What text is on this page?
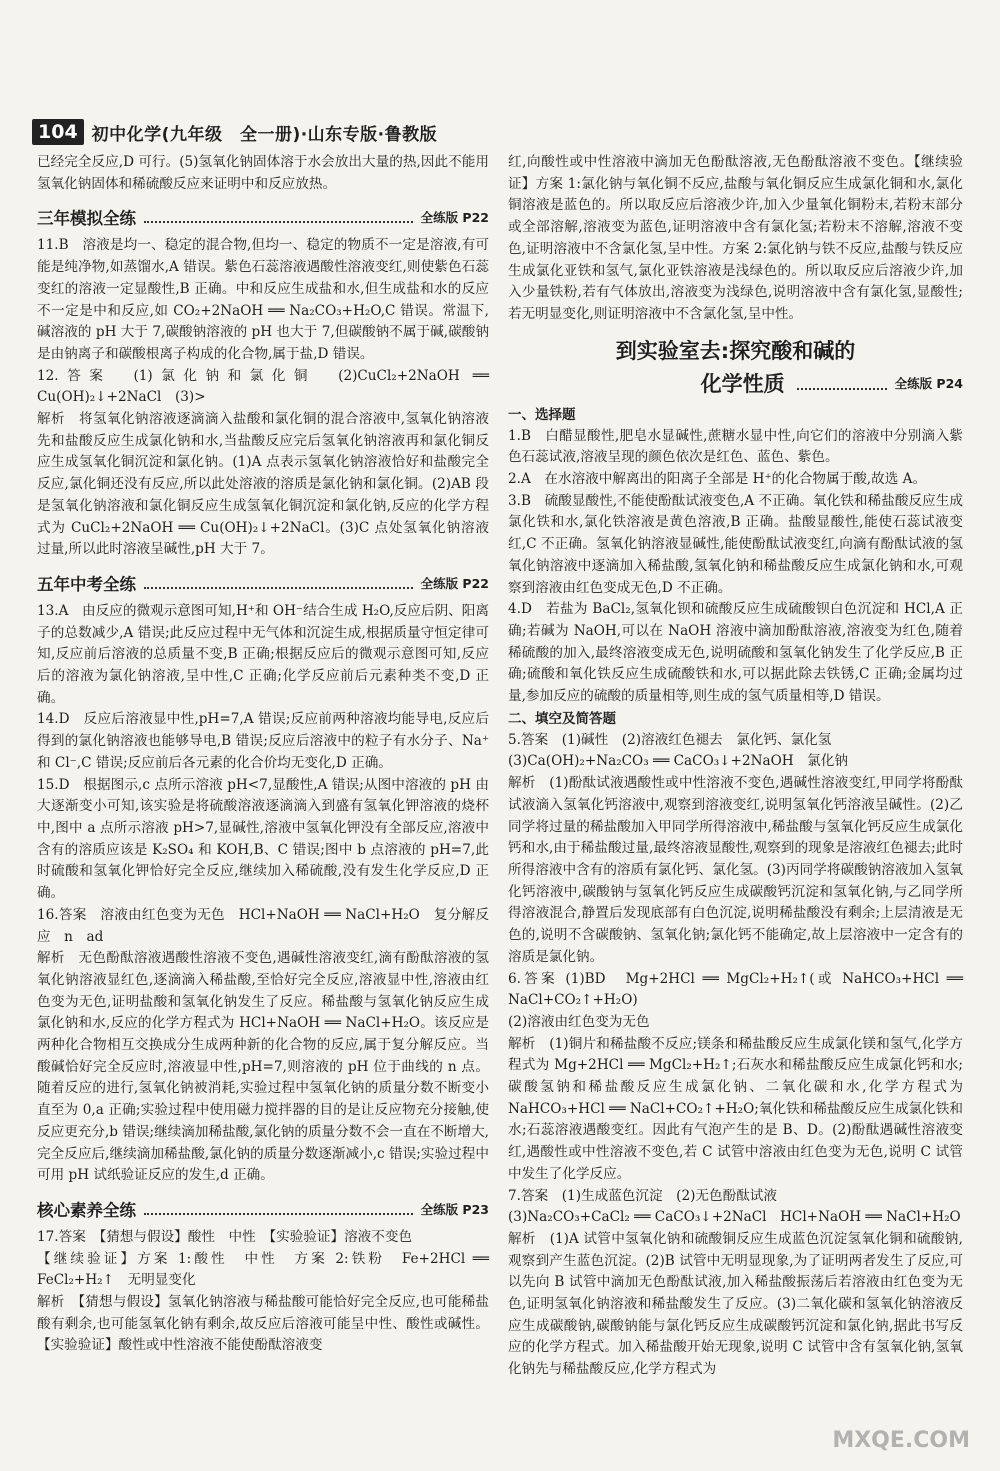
104 初中化学(九年级　全一册)·山东专版·鲁教版

已经完全反应,D 可行。(5)氢氧化钠固体溶于水会放出大量的热,因此不能用氢氧化钠固体和稀硫酸反应来证明中和反应放热。

三年模拟全练	全练版 P22

11.B　溶液是均一、稳定的混合物,但均一、稳定的物质不一定是溶液,有可能是纯净物,如蒸馏水,A 错误。紫色石蕊溶液遇酸性溶液变红,则使紫色石蕊变红的溶液一定显酸性,B 正确。中和反应生成盐和水,但生成盐和水的反应不一定是中和反应,如 CO₂+2NaOH ══ Na₂CO₃+H₂O,C 错误。常温下,碱溶液的 pH 大于 7,碳酸钠溶液的 pH 也大于 7,但碳酸钠不属于碱,碳酸钠是由钠离子和碳酸根离子构成的化合物,属于盐,D 错误。

12.答案　(1)氯化钠和氯化铜　(2)CuCl₂+2NaOH ══ Cu(OH)₂↓+2NaCl　(3)>

解析　将氢氧化钠溶液逐滴滴入盐酸和氯化铜的混合溶液中,氢氧化钠溶液先和盐酸反应生成氯化钠和水,当盐酸反应完后氢氧化钠溶液再和氯化铜反应生成氢氧化铜沉淀和氯化钠。(1)A 点表示氢氧化钠溶液恰好和盐酸完全反应,氯化铜还没有反应,所以此处溶液的溶质是氯化钠和氯化铜。(2)AB 段是氢氧化钠溶液和氯化铜反应生成氢氧化铜沉淀和氯化钠,反应的化学方程式为 CuCl₂+2NaOH ══ Cu(OH)₂↓+2NaCl。(3)C 点处氢氧化钠溶液过量,所以此时溶液呈碱性,pH 大于 7。

五年中考全练	全练版 P22

13.A　由反应的微观示意图可知,H⁺和 OH⁻结合生成 H₂O,反应后阴、阳离子的总数减少,A 错误;此反应过程中无气体和沉淀生成,根据质量守恒定律可知,反应前后溶液的总质量不变,B 正确;根据反应后的微观示意图可知,反应后的溶液为氯化钠溶液,呈中性,C 正确;化学反应前后元素种类不变,D 正确。

14.D　反应后溶液显中性,pH=7,A 错误;反应前两种溶液均能导电,反应后得到的氯化钠溶液也能够导电,B 错误;反应后溶液中的粒子有水分子、Na⁺和 Cl⁻,C 错误;反应前后各元素的化合价均无变化,D 正确。

15.D　根据图示,c 点所示溶液 pH<7,显酸性,A 错误;从图中溶液的 pH 由大逐渐变小可知,该实验是将硫酸溶液逐滴滴入到盛有氢氧化钾溶液的烧杯中,图中 a 点所示溶液 pH>7,显碱性,溶液中氢氧化钾没有全部反应,溶液中含有的溶质应该是 K₂SO₄ 和 KOH,B、C 错误;图中 b 点溶液的 pH=7,此时硫酸和氢氧化钾恰好完全反应,继续加入稀硫酸,没有发生化学反应,D 正确。

16.答案　溶液由红色变为无色　HCl+NaOH ══ NaCl+H₂O　复分解反应　n　ad

解析　无色酚酞溶液遇酸性溶液不变色,遇碱性溶液变红,滴有酚酞溶液的氢氧化钠溶液显红色,逐滴滴入稀盐酸,至恰好完全反应,溶液显中性,溶液由红色变为无色,证明盐酸和氢氧化钠发生了反应。稀盐酸与氢氧化钠反应生成氯化钠和水,反应的化学方程式为 HCl+NaOH ══ NaCl+H₂O。该反应是两种化合物相互交换成分生成两种新的化合物的反应,属于复分解反应。当酸碱恰好完全反应时,溶液显中性,pH=7,则溶液的 pH 位于曲线的 n 点。随着反应的进行,氢氧化钠被消耗,实验过程中氢氧化钠的质量分数不断变小直至为 0,a 正确;实验过程中使用磁力搅拌器的目的是让反应物充分接触,使反应更充分,b 错误;继续滴加稀盐酸,氯化钠的质量分数不会一直在不断增大,完全反应后,继续滴加稀盐酸,氯化钠的质量分数逐渐减小,c 错误;实验过程中可用 pH 试纸验证反应的发生,d 正确。

核心素养全练	全练版 P23

17.答案　【猜想与假设】酸性　中性　【实验验证】溶液不变色

【继续验证】方案 1:酸性　中性　方案 2:铁粉　Fe+2HCl ══ FeCl₂+H₂↑　无明显变化

解析　【猜想与假设】氢氧化钠溶液与稀盐酸可能恰好完全反应,也可能稀盐酸有剩余,也可能氢氧化钠有剩余,故反应后溶液可能呈中性、酸性或碱性。【实验验证】酸性或中性溶液不能使酚酞溶液变

红,向酸性或中性溶液中滴加无色酚酞溶液,无色酚酞溶液不变色。【继续验证】方案 1:氯化钠与氧化铜不反应,盐酸与氧化铜反应生成氯化铜和水,氯化铜溶液是蓝色的。所以取反应后溶液少许,加入少量氧化铜粉末,若粉末部分或全部溶解,溶液变为蓝色,证明溶液中含有氯化氢;若粉末不溶解,溶液不变色,证明溶液中不含氯化氢,呈中性。方案 2:氯化钠与铁不反应,盐酸与铁反应生成氯化亚铁和氢气,氯化亚铁溶液是浅绿色的。所以取反应后溶液少许,加入少量铁粉,若有气体放出,溶液变为浅绿色,说明溶液中含有氯化氢,显酸性;若无明显变化,则证明溶液中不含氯化氢,呈中性。

到实验室去:探究酸和碱的
化学性质	全练版 P24
一、选择题

1.B　白醋显酸性,肥皂水显碱性,蔗糖水显中性,向它们的溶液中分别滴入紫色石蕊试液,溶液呈现的颜色依次是红色、蓝色、紫色。

2.A　在水溶液中解离出的阳离子全部是 H⁺的化合物属于酸,故选 A。

3.B　硫酸显酸性,不能使酚酞试液变色,A 不正确。氧化铁和稀盐酸反应生成氯化铁和水,氯化铁溶液是黄色溶液,B 正确。盐酸显酸性,能使石蕊试液变红,C 不正确。氢氧化钠溶液显碱性,能使酚酞试液变红,向滴有酚酞试液的氢氧化钠溶液中逐滴加入稀盐酸,氢氧化钠和稀盐酸反应生成氯化钠和水,可观察到溶液由红色变成无色,D 不正确。

4.D　若盐为 BaCl₂,氢氧化钡和硫酸反应生成硫酸钡白色沉淀和 HCl,A 正确;若碱为 NaOH,可以在 NaOH 溶液中滴加酚酞溶液,溶液变为红色,随着稀硫酸的加入,最终溶液变成无色,说明硫酸和氢氧化钠发生了化学反应,B 正确;硫酸和氧化铁反应生成硫酸铁和水,可以据此除去铁锈,C 正确;金属均过量,参加反应的硫酸的质量相等,则生成的氢气质量相等,D 错误。

二、填空及简答题

5.答案　(1)碱性　(2)溶液红色褪去　氯化钙、氯化氢

(3)Ca(OH)₂+Na₂CO₃ ══ CaCO₃↓+2NaOH　氯化钠

解析　(1)酚酞试液遇酸性或中性溶液不变色,遇碱性溶液变红,甲同学将酚酞试液滴入氢氧化钙溶液中,观察到溶液变红,说明氢氧化钙溶液呈碱性。(2)乙同学将过量的稀盐酸加入甲同学所得溶液中,稀盐酸与氢氧化钙反应生成氯化钙和水,由于稀盐酸过量,最终溶液显酸性,观察到的现象是溶液红色褪去;此时所得溶液中含有的溶质有氯化钙、氯化氢。(3)丙同学将碳酸钠溶液加入氢氧化钙溶液中,碳酸钠与氢氧化钙反应生成碳酸钙沉淀和氢氧化钠,与乙同学所得溶液混合,静置后发现底部有白色沉淀,说明稀盐酸没有剩余;上层清液是无色的,说明不含碳酸钠、氢氧化钠;氯化钙不能确定,故上层溶液中一定含有的溶质是氯化钠。

6.答案 (1)BD　Mg+2HCl ══ MgCl₂+H₂↑(或 NaHCO₃+HCl ══ NaCl+CO₂↑+H₂O)

(2)溶液由红色变为无色

解析　(1)铜片和稀盐酸不反应;镁条和稀盐酸反应生成氯化镁和氢气,化学方程式为 Mg+2HCl ══ MgCl₂+H₂↑;石灰水和稀盐酸反应生成氯化钙和水;碳酸氢钠和稀盐酸反应生成氯化钠、二氧化碳和水,化学方程式为 NaHCO₃+HCl ══ NaCl+CO₂↑+H₂O;氧化铁和稀盐酸反应生成氯化铁和水;石蕊溶液遇酸变红。因此有气泡产生的是 B、D。(2)酚酞遇碱性溶液变红,遇酸性或中性溶液不变色,若 C 试管中溶液由红色变为无色,说明 C 试管中发生了化学反应。

7.答案　(1)生成蓝色沉淀　(2)无色酚酞试液

(3)Na₂CO₃+CaCl₂ ══ CaCO₃↓+2NaCl　HCl+NaOH ══ NaCl+H₂O

解析　(1)A 试管中氢氧化钠和硫酸铜反应生成蓝色沉淀氢氧化铜和硫酸钠,观察到产生蓝色沉淀。(2)B 试管中无明显现象,为了证明两者发生了反应,可以先向 B 试管中滴加无色酚酞试液,加入稀盐酸振荡后若溶液由红色变为无色,证明氢氧化钠溶液和稀盐酸发生了反应。(3)二氧化碳和氢氧化钠溶液反应生成碳酸钠,碳酸钠能与氯化钙反应生成碳酸钙沉淀和氯化钠,据此书写反应的化学方程式。加入稀盐酸开始无现象,说明 C 试管中含有氢氧化钠,氢氧化钠先与稀盐酸反应,化学方程式为

MXQE.COM
